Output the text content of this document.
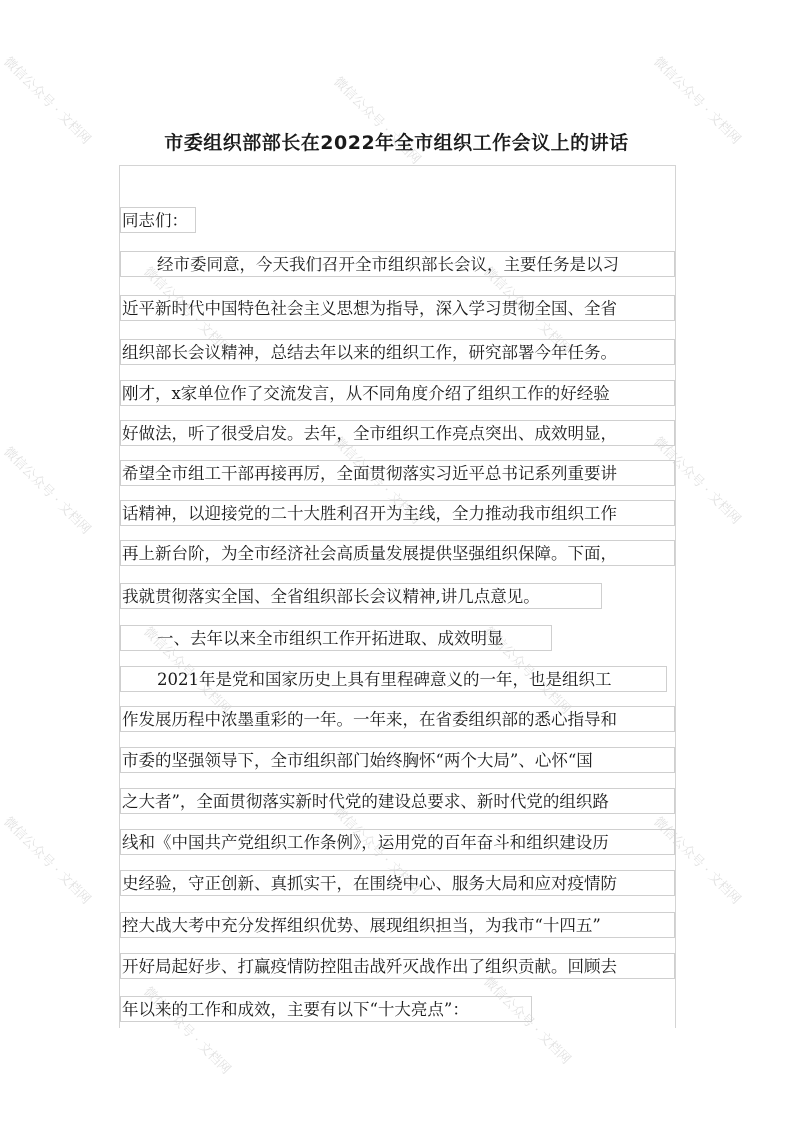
微信公众号 · 文档网	微信公众号 · 文档网	微信公众号 · 文档网
微信公众号 · 文档网	微信公众号 · 文档网
微信公众号 · 文档网	微信公众号 · 文档网	微信公众号 · 文档网
微信公众号 · 文档网	微信公众号 · 文档网
微信公众号 · 文档网	微信公众号 · 文档网	微信公众号 · 文档网
微信公众号 · 文档网	微信公众号 · 文档网
市委组织部部长在2022年全市组织工作会议上的讲话
同志们：
经市委同意，今天我们召开全市组织部长会议，主要任务是以习
近平新时代中国特色社会主义思想为指导，深入学习贯彻全国、全省
组织部长会议精神，总结去年以来的组织工作，研究部署今年任务。
刚才，x家单位作了交流发言，从不同角度介绍了组织工作的好经验
好做法，听了很受启发。去年，全市组织工作亮点突出、成效明显，
希望全市组工干部再接再厉，全面贯彻落实习近平总书记系列重要讲
话精神，以迎接党的二十大胜利召开为主线，全力推动我市组织工作
再上新台阶，为全市经济社会高质量发展提供坚强组织保障。下面，
我就贯彻落实全国、全省组织部长会议精神,讲几点意见。
一、去年以来全市组织工作开拓进取、成效明显
2021年是党和国家历史上具有里程碑意义的一年，也是组织工
作发展历程中浓墨重彩的一年。一年来，在省委组织部的悉心指导和
市委的坚强领导下，全市组织部门始终胸怀“两个大局”、心怀“国
之大者”，全面贯彻落实新时代党的建设总要求、新时代党的组织路
线和《中国共产党组织工作条例》，运用党的百年奋斗和组织建设历
史经验，守正创新、真抓实干，在围绕中心、服务大局和应对疫情防
控大战大考中充分发挥组织优势、展现组织担当，为我市“十四五”
开好局起好步、打赢疫情防控阻击战歼灭战作出了组织贡献。回顾去
年以来的工作和成效，主要有以下“十大亮点”：
